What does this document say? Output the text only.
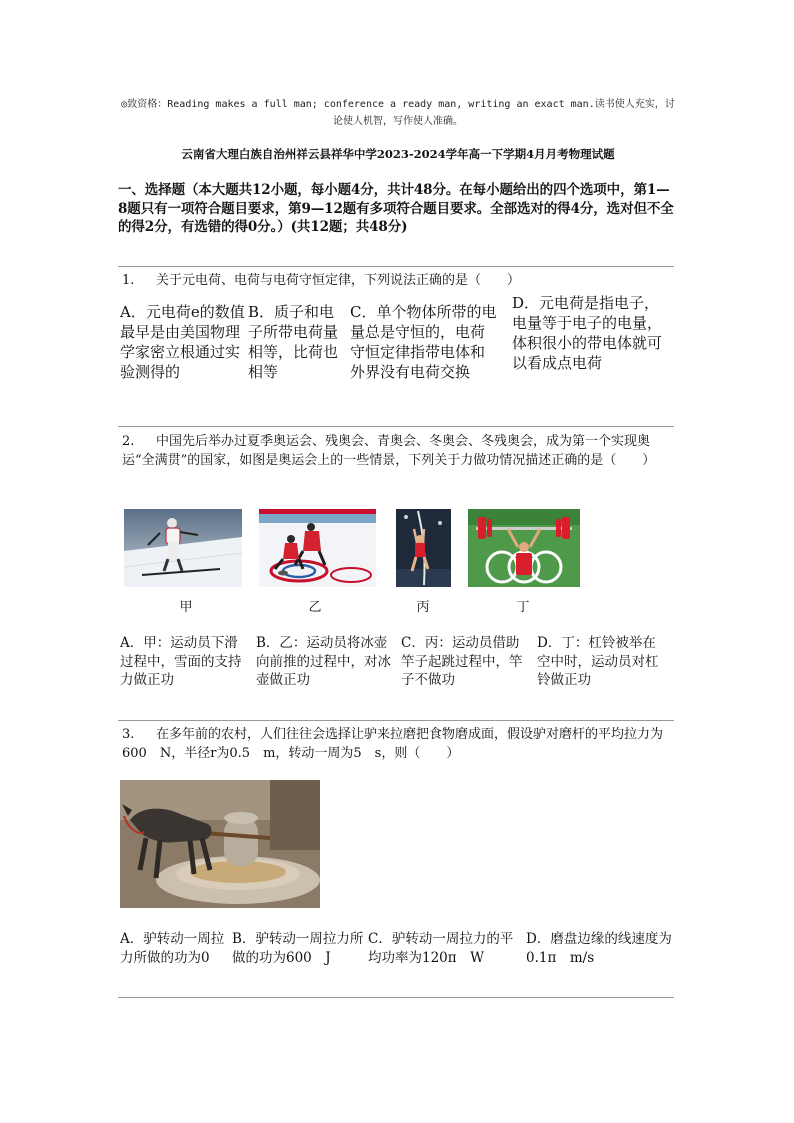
◎致资格：Reading makes a full man; conference a ready man, writing an exact man.读书使人充实，讨论使人机智，写作使人准确。
云南省大理白族自治州祥云县祥华中学2023-2024学年高一下学期4月月考物理试题
一、选择题（本大题共12小题，每小题4分，共计48分。在每小题给出的四个选项中，第1—8题只有一项符合题目要求，第9—12题有多项符合题目要求。全部选对的得4分，选对但不全的得2分，有选错的得0分。）(共12题；共48分)
1. 关于元电荷、电荷与电荷守恒定律，下列说法正确的是（　　）
A．元电荷e的数值最早是由美国物理学家密立根通过实验测得的
B．质子和电子所带电荷量相等，比荷也相等
C．单个物体所带的电量总是守恒的，电荷守恒定律指带电体和外界没有电荷交换
D．元电荷是指电子，电量等于电子的电量，体积很小的带电体就可以看成点电荷
2. 中国先后举办过夏季奥运会、残奥会、青奥会、冬奥会、冬残奥会，成为第一个实现奥运“全满贯”的国家，如图是奥运会上的一些情景，下列关于力做功情况描述正确的是（　　）
甲	乙	丙	丁
A．甲：运动员下滑过程中，雪面的支持力做正功
B．乙：运动员将冰壶向前推的过程中，对冰壶做正功
C．丙：运动员借助竿子起跳过程中，竿子不做功
D．丁：杠铃被举在空中时，运动员对杠铃做正功
3. 在多年前的农村，人们往往会选择让驴来拉磨把食物磨成面，假设驴对磨杆的平均拉力为　600　N，半径r为0.5　m，转动一周为5　s，则（　　）
A．驴转动一周拉力所做的功为0
B．驴转动一周拉力所做的功为600　J
C．驴转动一周拉力的平均功率为120π　W
D．磨盘边缘的线速度为0.1π　m/s
